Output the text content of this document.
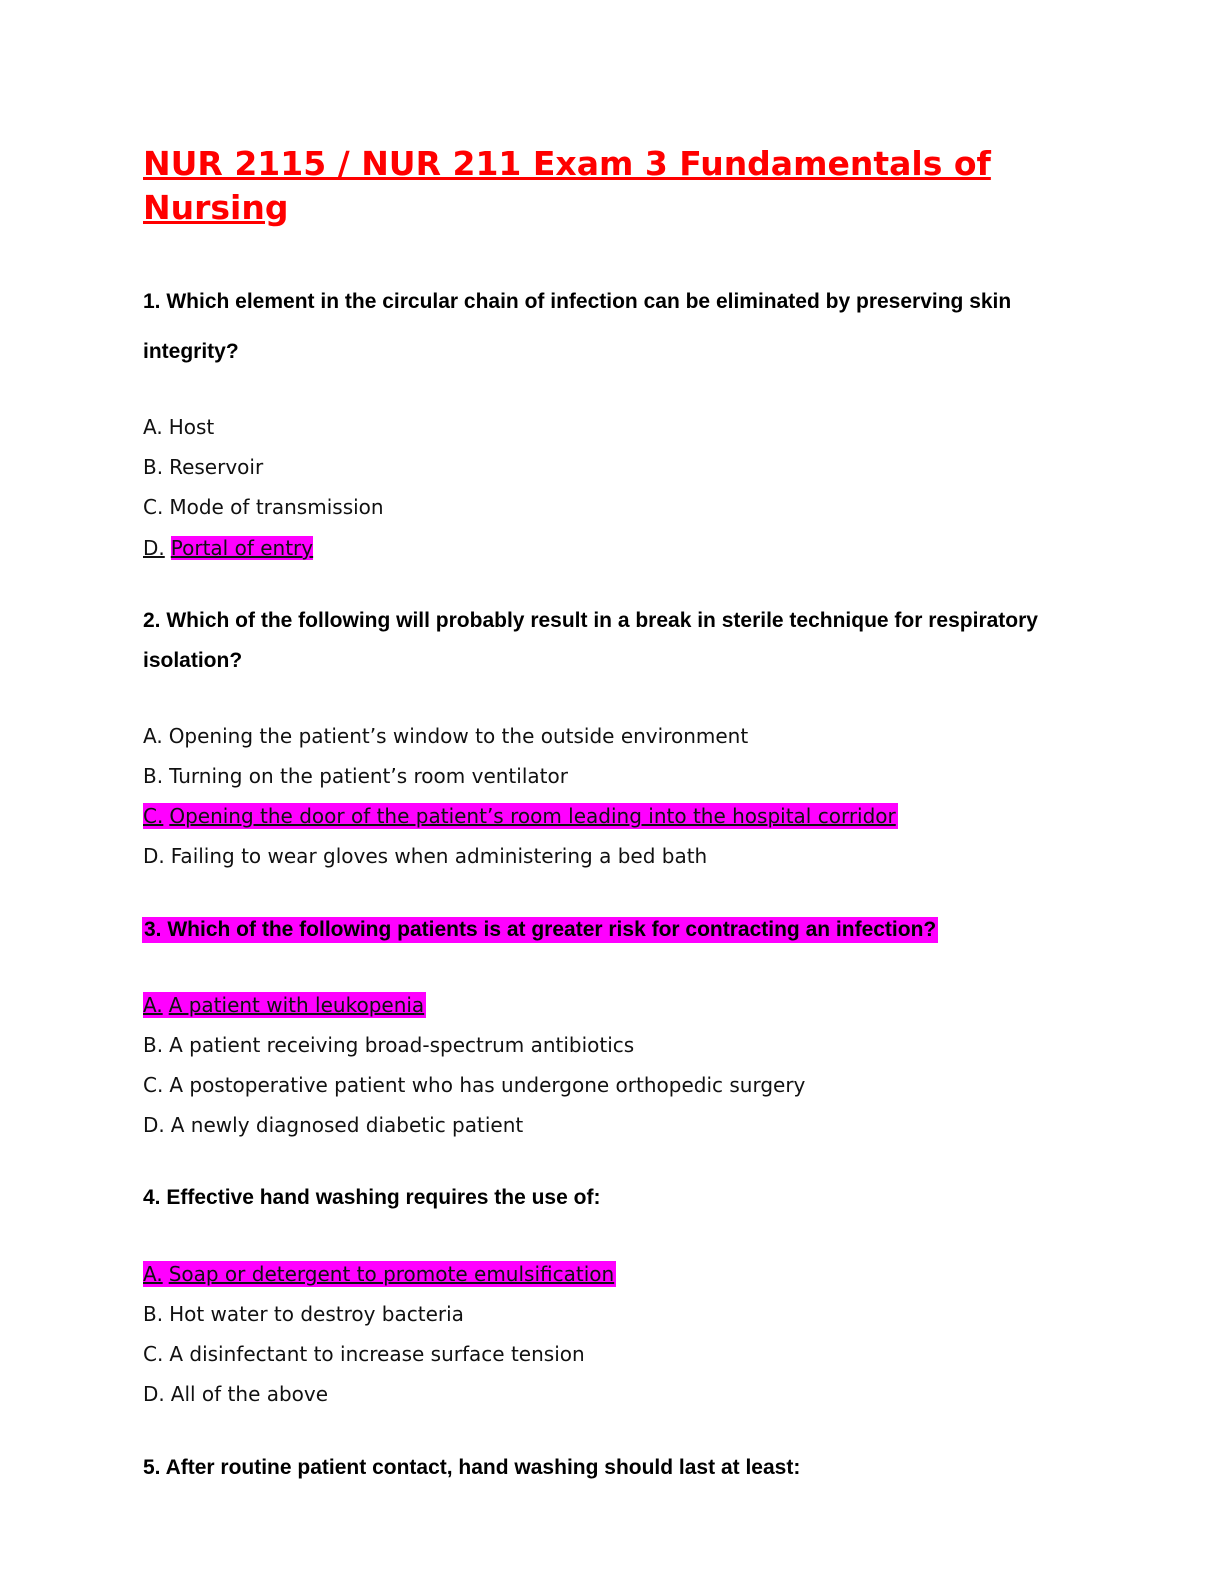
NUR 2115 / NUR 211 Exam 3 Fundamentals of Nursing

1. Which element in the circular chain of infection can be eliminated by preserving skin

integrity?

A. Host

B. Reservoir

C. Mode of transmission

D. Portal of entry

2. Which of the following will probably result in a break in sterile technique for respiratory

isolation?

A. Opening the patient’s window to the outside environment

B. Turning on the patient’s room ventilator

C. Opening the door of the patient’s room leading into the hospital corridor

D. Failing to wear gloves when administering a bed bath

3. Which of the following patients is at greater risk for contracting an infection?

A. A patient with leukopenia

B. A patient receiving broad-spectrum antibiotics

C. A postoperative patient who has undergone orthopedic surgery

D. A newly diagnosed diabetic patient

4. Effective hand washing requires the use of:

A. Soap or detergent to promote emulsification

B. Hot water to destroy bacteria

C. A disinfectant to increase surface tension

D. All of the above

5. After routine patient contact, hand washing should last at least:
